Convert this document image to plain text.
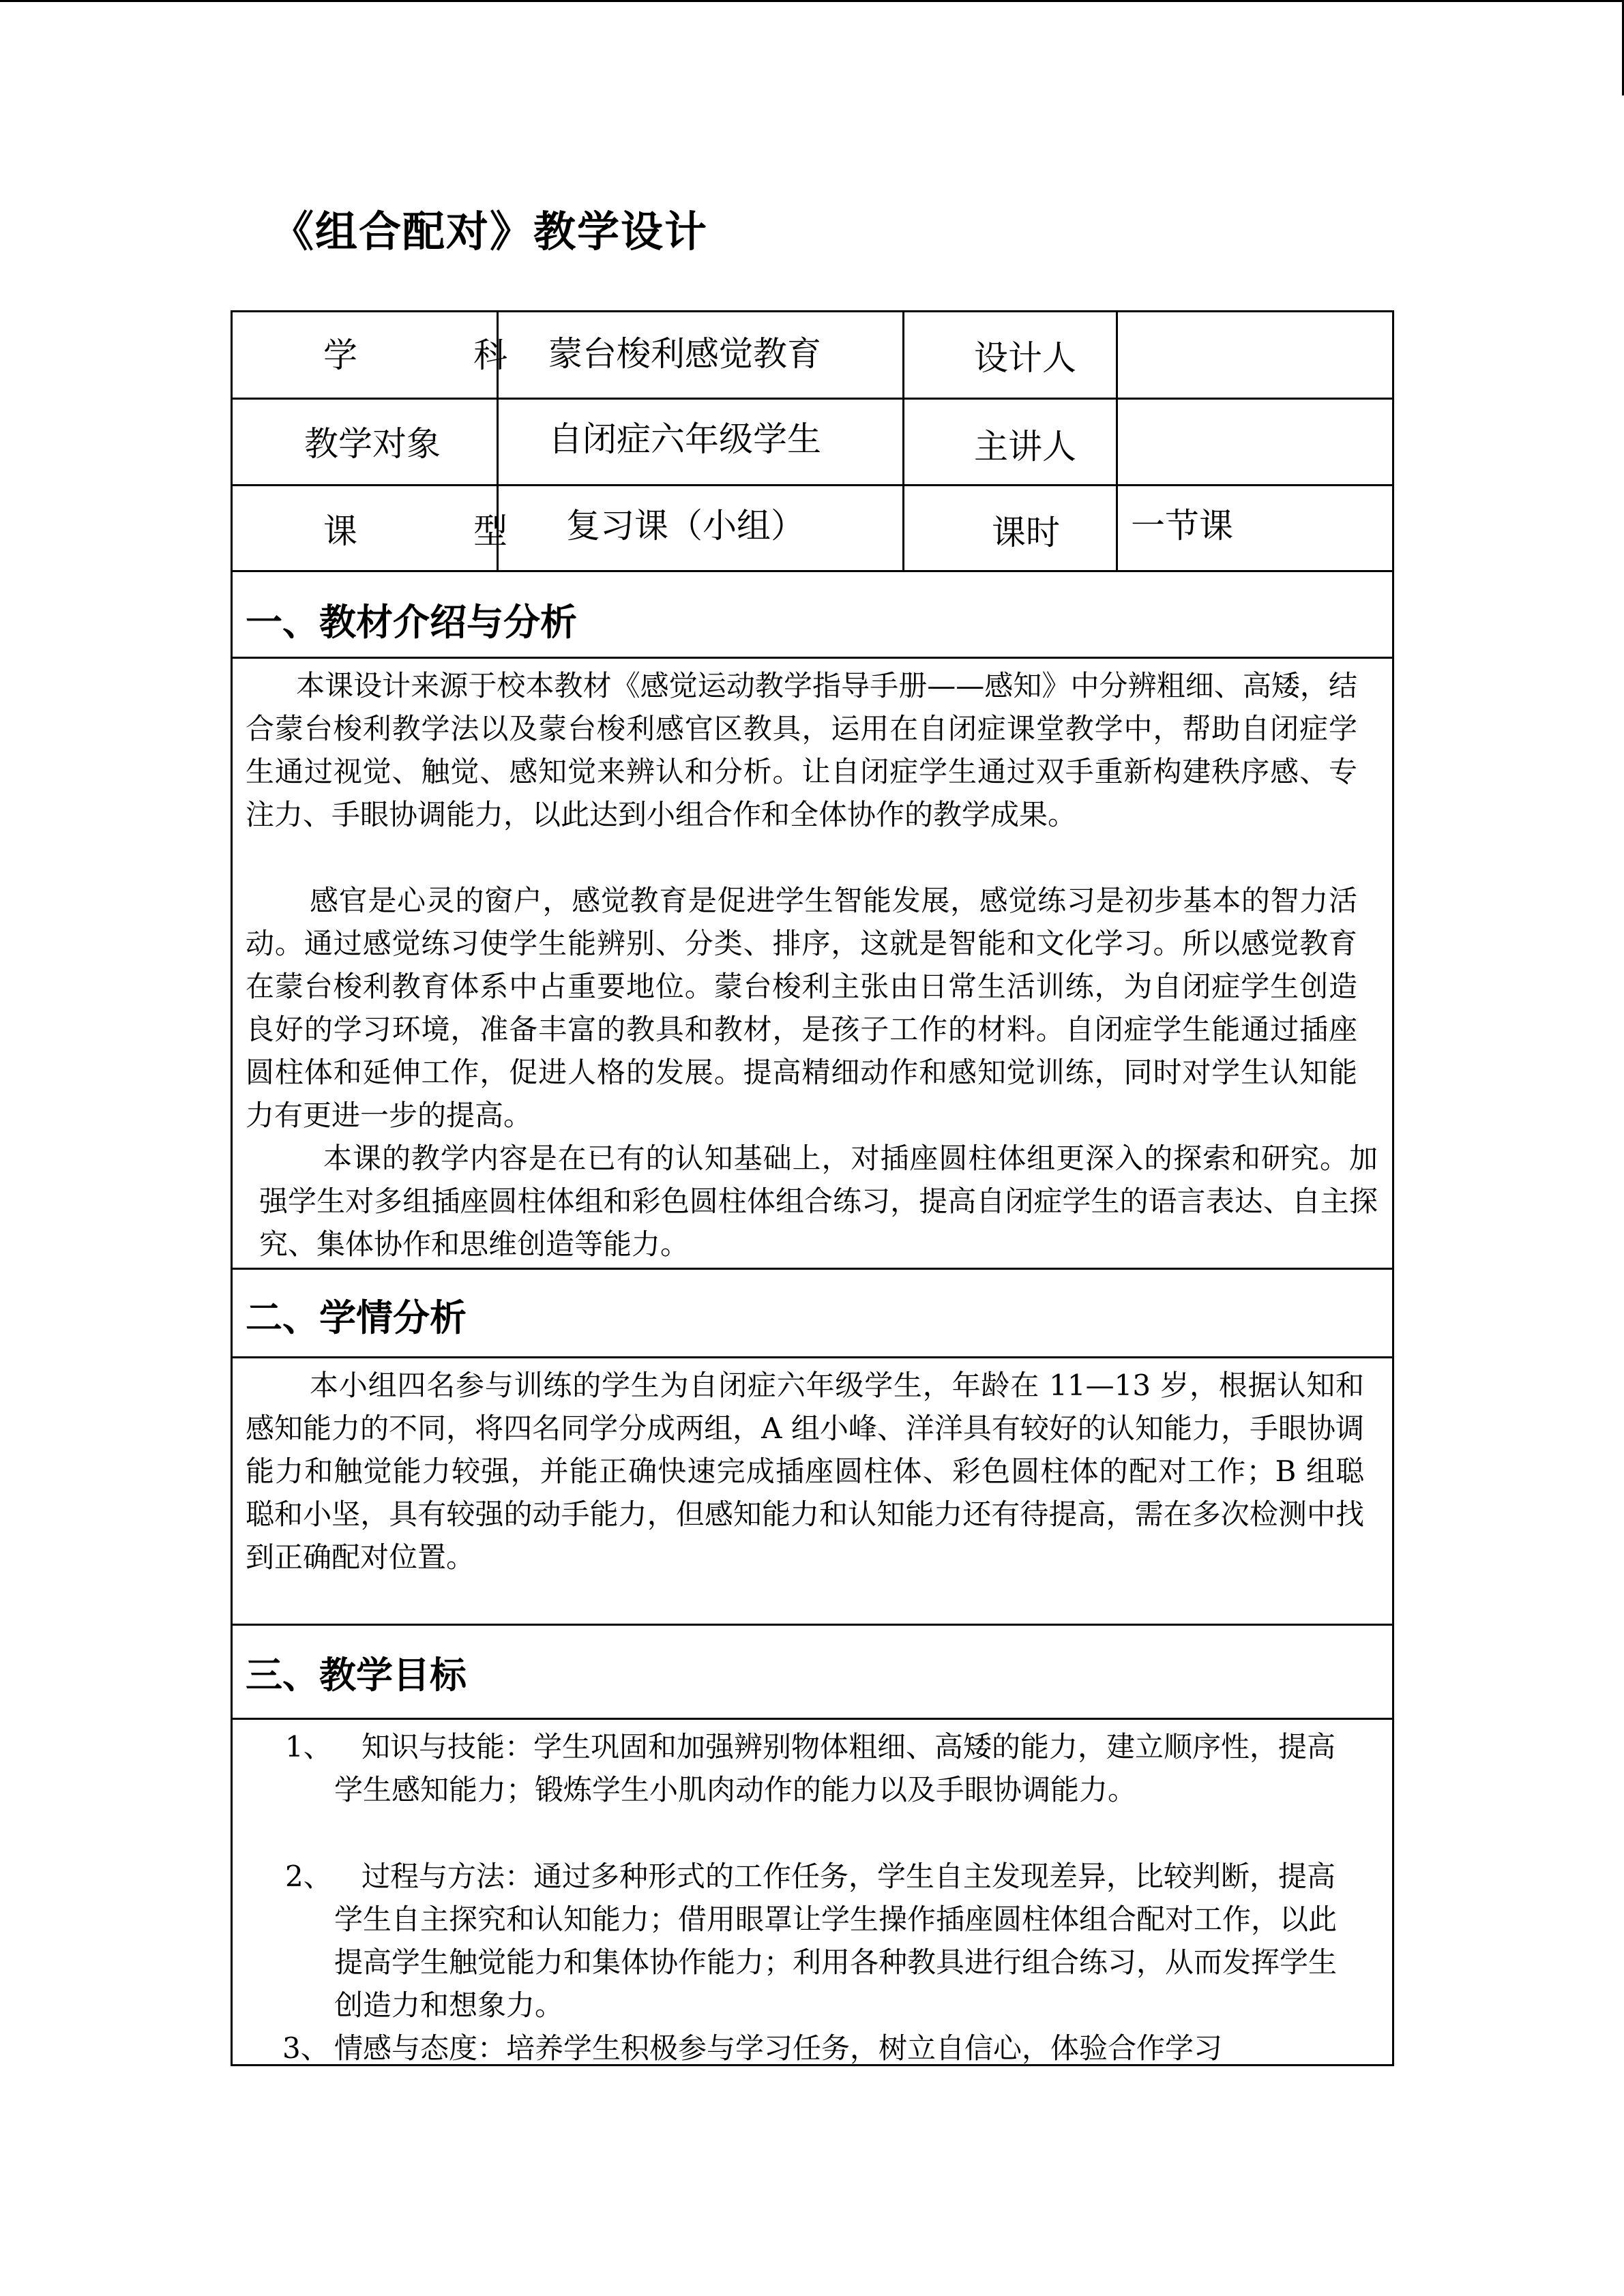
《组合配对》教学设计
学　科 蒙台梭利感觉教育	设计人
教学对象	自闭症六年级学生	主讲人
课　型 复习课（小组）	课时 一节课
一、教材介绍与分析

本课设计来源于校本教材《感觉运动教学指导手册——感知》中分辨粗细、高矮，结合蒙台梭利教学法以及蒙台梭利感官区教具，运用在自闭症课堂教学中，帮助自闭症学生通过视觉、触觉、感知觉来辨认和分析。让自闭症学生通过双手重新构建秩序感、专注力、手眼协调能力，以此达到小组合作和全体协作的教学成果。

感官是心灵的窗户，感觉教育是促进学生智能发展，感觉练习是初步基本的智力活动。通过感觉练习使学生能辨别、分类、排序，这就是智能和文化学习。所以感觉教育在蒙台梭利教育体系中占重要地位。蒙台梭利主张由日常生活训练，为自闭症学生创造良好的学习环境，准备丰富的教具和教材，是孩子工作的材料。自闭症学生能通过插座圆柱体和延伸工作，促进人格的发展。提高精细动作和感知觉训练，同时对学生认知能力有更进一步的提高。

本课的教学内容是在已有的认知基础上，对插座圆柱体组更深入的探索和研究。加强学生对多组插座圆柱体组和彩色圆柱体组合练习，提高自闭症学生的语言表达、自主探究、集体协作和思维创造等能力。

二、学情分析

本小组四名参与训练的学生为自闭症六年级学生，年龄在 11—13 岁，根据认知和感知能力的不同，将四名同学分成两组，A 组小峰、洋洋具有较好的认知能力，手眼协调能力和触觉能力较强，并能正确快速完成插座圆柱体、彩色圆柱体的配对工作；B 组聪聪和小坚，具有较强的动手能力，但感知能力和认知能力还有待提高，需在多次检测中找到正确配对位置。

三、教学目标
1、	知识与技能：学生巩固和加强辨别物体粗细、高矮的能力，建立顺序性，提高学生感知能力；锻炼学生小肌肉动作的能力以及手眼协调能力。
2、	过程与方法：通过多种形式的工作任务，学生自主发现差异，比较判断，提高学生自主探究和认知能力；借用眼罩让学生操作插座圆柱体组合配对工作，以此提高学生触觉能力和集体协作能力；利用各种教具进行组合练习，从而发挥学生创造力和想象力。
3、 情感与态度：培养学生积极参与学习任务，树立自信心，体验合作学习
